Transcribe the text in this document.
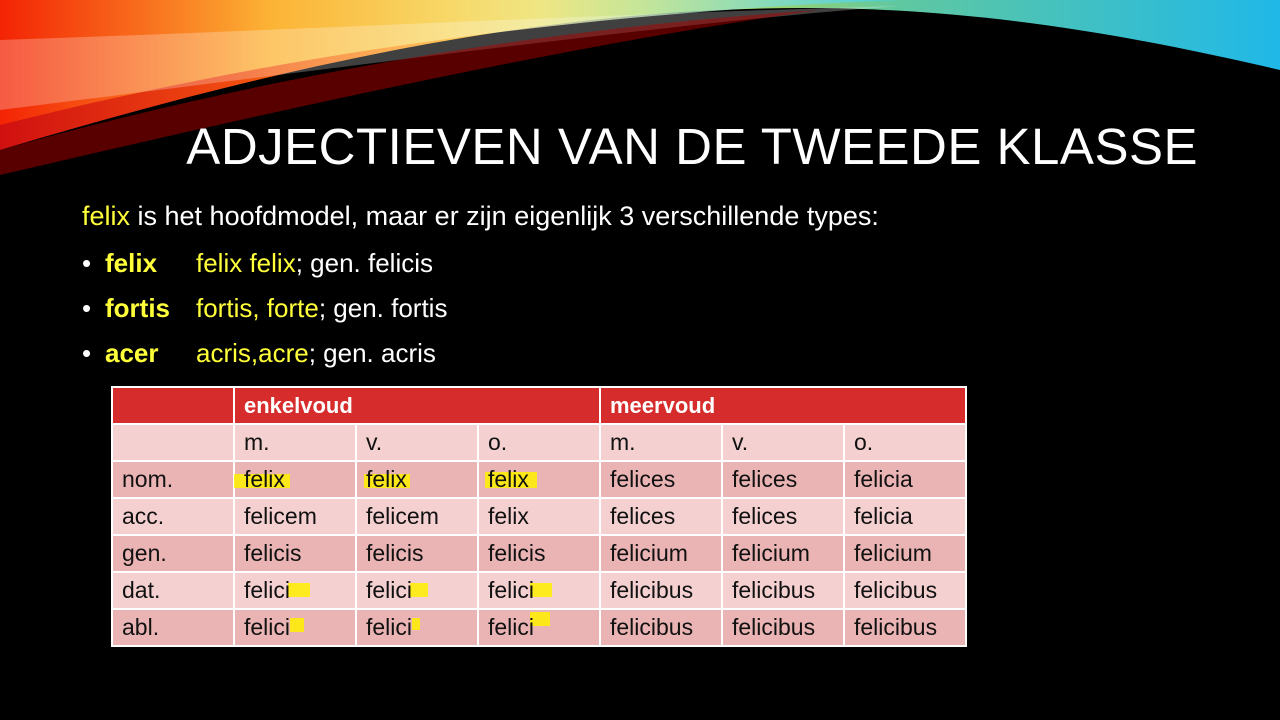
ADJECTIEVEN VAN DE TWEEDE KLASSE
felix is het hoofdmodel, maar er zijn eigenlijk 3 verschillende types:
• felix felix felix; gen. felicis
• fortis fortis, forte; gen. fortis
• acer acris,acre; gen. acris
	enkelvoud			meervoud		
	m.	v.	o.	m.	v.	o.
nom.	felix	felix	felix	felices	felices	felicia
acc.	felicem	felicem	felix	felices	felices	felicia
gen.	felicis	felicis	felicis	felicium	felicium	felicium
dat.	felici	felici	felici	felicibus	felicibus	felicibus
abl.	felici	felici	felici	felicibus	felicibus	felicibus
